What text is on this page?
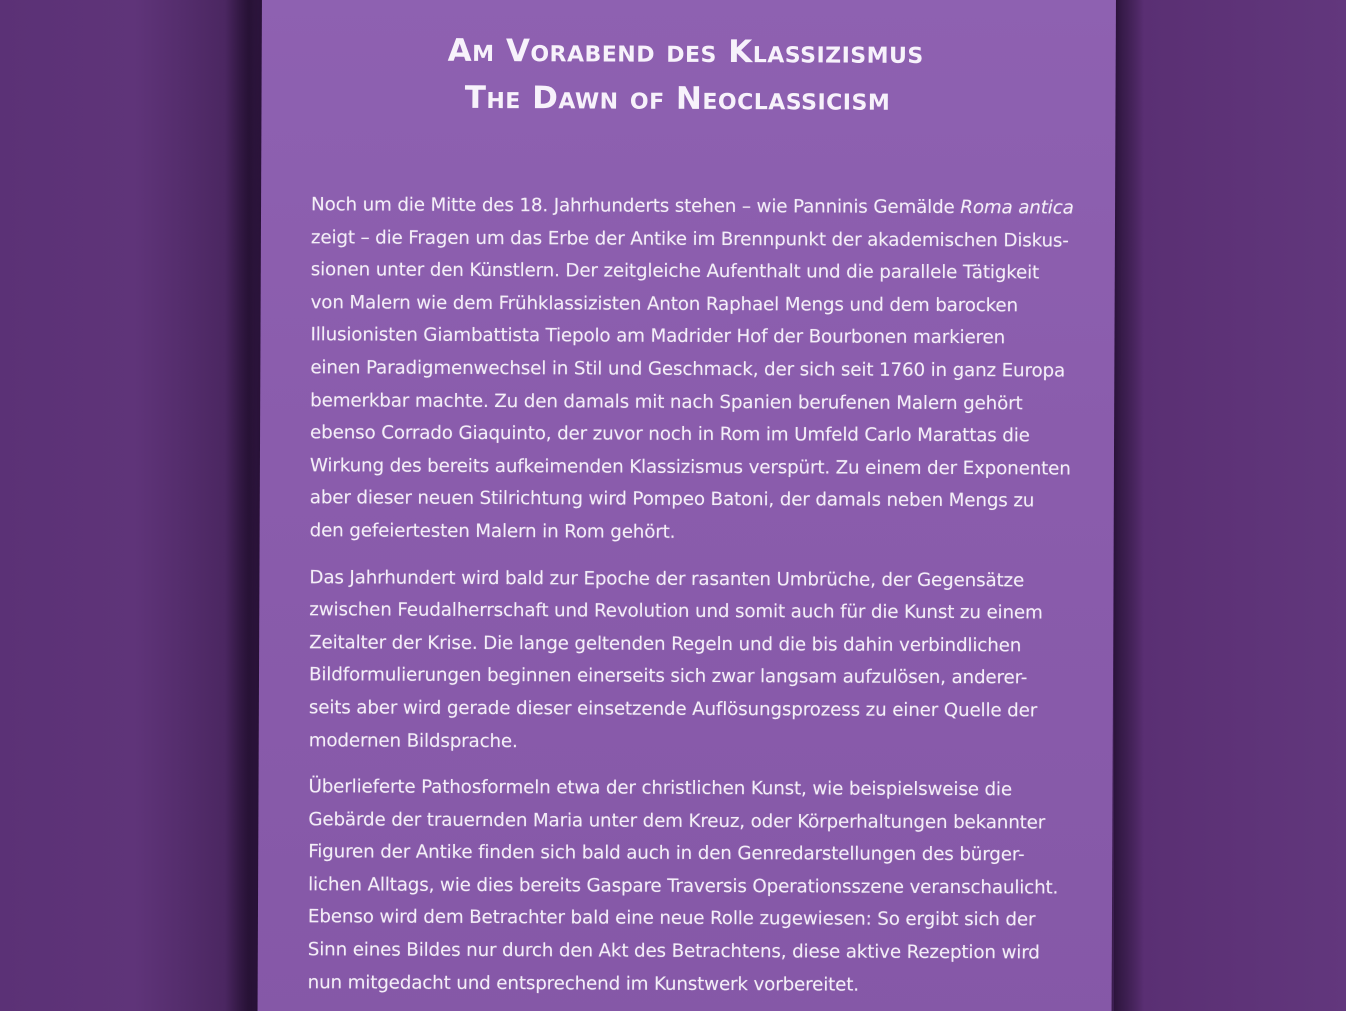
Am Vorabend des Klassizismus
The Dawn of Neoclassicism

Noch um die Mitte des 18. Jahrhunderts stehen – wie Panninis Gemälde Roma antica
zeigt – die Fragen um das Erbe der Antike im Brennpunkt der akademischen Diskus-
sionen unter den Künstlern. Der zeitgleiche Aufenthalt und die parallele Tätigkeit
von Malern wie dem Frühklassizisten Anton Raphael Mengs und dem barocken
Illusionisten Giambattista Tiepolo am Madrider Hof der Bourbonen markieren
einen Paradigmenwechsel in Stil und Geschmack, der sich seit 1760 in ganz Europa
bemerkbar machte. Zu den damals mit nach Spanien berufenen Malern gehört
ebenso Corrado Giaquinto, der zuvor noch in Rom im Umfeld Carlo Marattas die
Wirkung des bereits aufkeimenden Klassizismus verspürt. Zu einem der Exponenten
aber dieser neuen Stilrichtung wird Pompeo Batoni, der damals neben Mengs zu
den gefeiertesten Malern in Rom gehört.

Das Jahrhundert wird bald zur Epoche der rasanten Umbrüche, der Gegensätze
zwischen Feudalherrschaft und Revolution und somit auch für die Kunst zu einem
Zeitalter der Krise. Die lange geltenden Regeln und die bis dahin verbindlichen
Bildformulierungen beginnen einerseits sich zwar langsam aufzulösen, anderer-
seits aber wird gerade dieser einsetzende Auflösungsprozess zu einer Quelle der
modernen Bildsprache.

Überlieferte Pathosformeln etwa der christlichen Kunst, wie beispielsweise die
Gebärde der trauernden Maria unter dem Kreuz, oder Körperhaltungen bekannter
Figuren der Antike finden sich bald auch in den Genredarstellungen des bürger-
lichen Alltags, wie dies bereits Gaspare Traversis Operationsszene veranschaulicht.
Ebenso wird dem Betrachter bald eine neue Rolle zugewiesen: So ergibt sich der
Sinn eines Bildes nur durch den Akt des Betrachtens, diese aktive Rezeption wird
nun mitgedacht und entsprechend im Kunstwerk vorbereitet.
